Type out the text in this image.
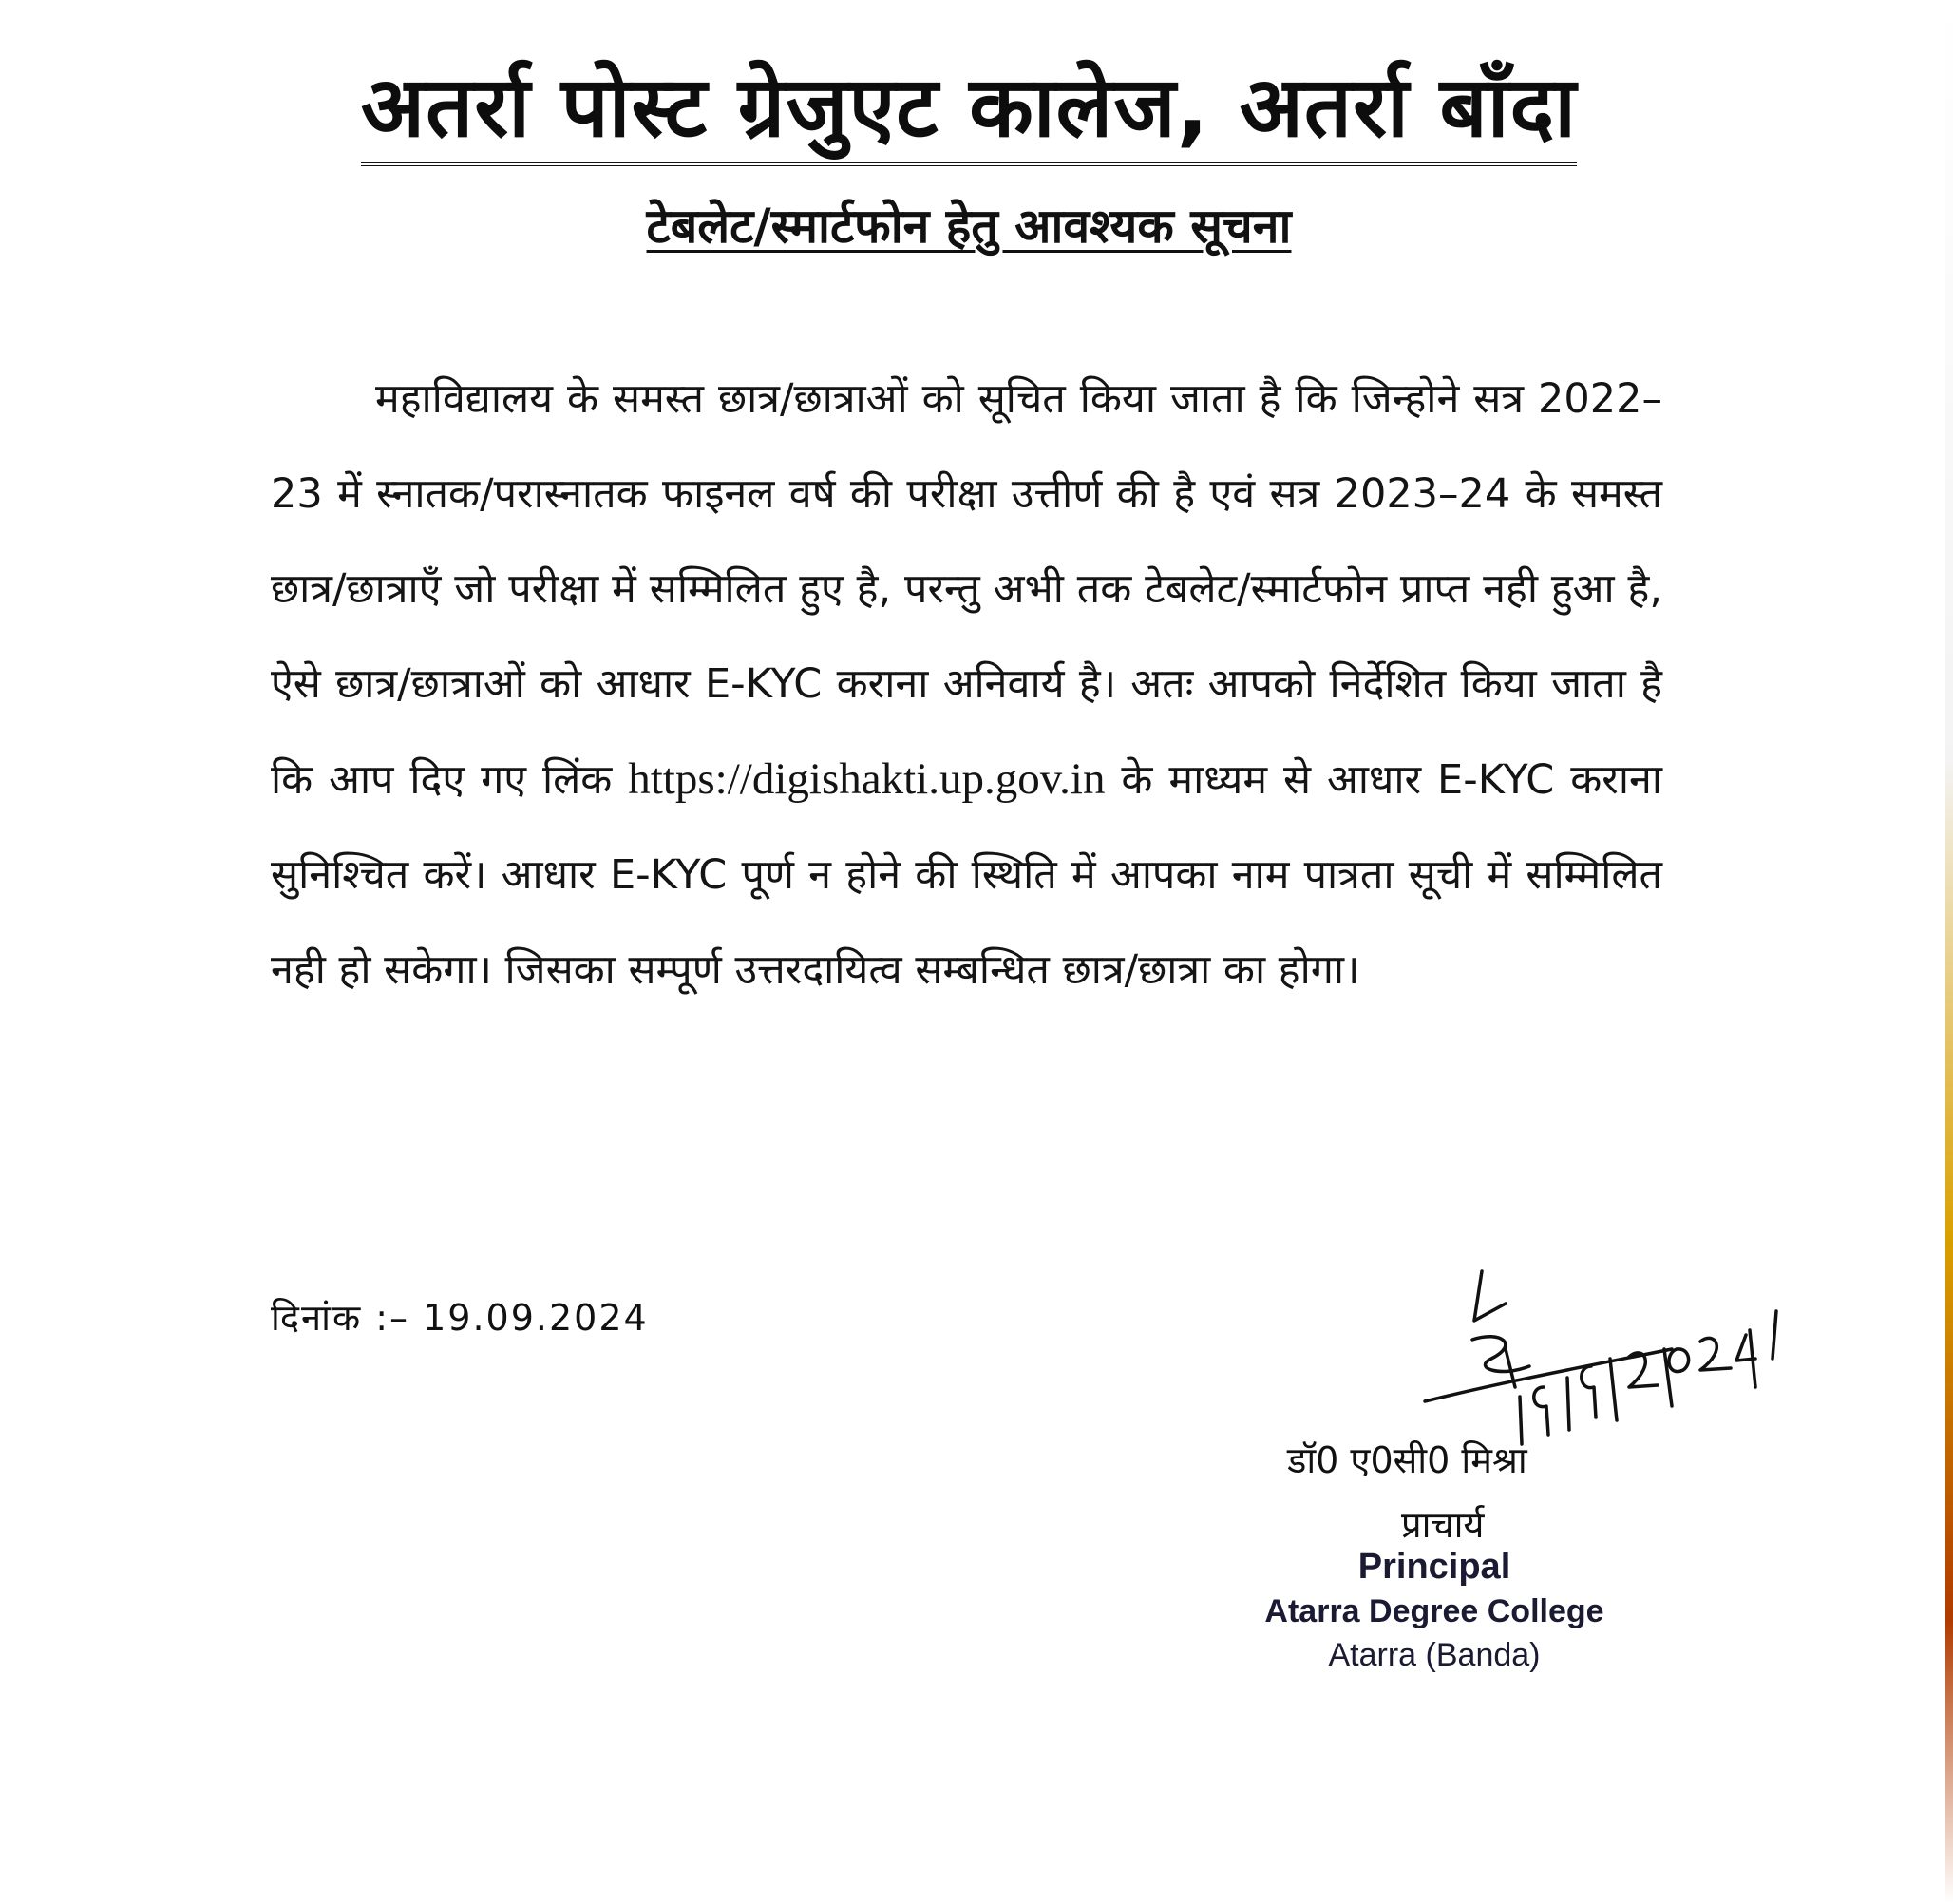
अतर्रा पोस्ट ग्रेजुएट कालेज, अतर्रा बाँदा
टेबलेट/स्मार्टफोन हेतु आवश्यक सूचना
महाविद्यालय के समस्त छात्र/छात्राओं को सूचित किया जाता है कि जिन्होने सत्र 2022–23 में स्नातक/परास्नातक फाइनल वर्ष की परीक्षा उत्तीर्ण की है एवं सत्र 2023–24 के समस्त छात्र/छात्राएँ जो परीक्षा में सम्मिलित हुए है, परन्तु अभी तक टेबलेट/स्मार्टफोन प्राप्त नही हुआ है, ऐसे छात्र/छात्राओं को आधार E-KYC कराना अनिवार्य है। अतः आपको निर्देशित किया जाता है कि आप दिए गए लिंक https://digishakti.up.gov.in के माध्यम से आधार E-KYC कराना सुनिश्चित करें। आधार E-KYC पूर्ण न होने की स्थिति में आपका नाम पात्रता सूची में सम्मिलित नही हो सकेगा। जिसका सम्पूर्ण उत्तरदायित्व सम्बन्धित छात्र/छात्रा का होगा।
दिनांक :– 19.09.2024
डॉ0 ए0सी0 मिश्रा
प्राचार्य
Principal
Atarra Degree College
Atarra (Banda)
